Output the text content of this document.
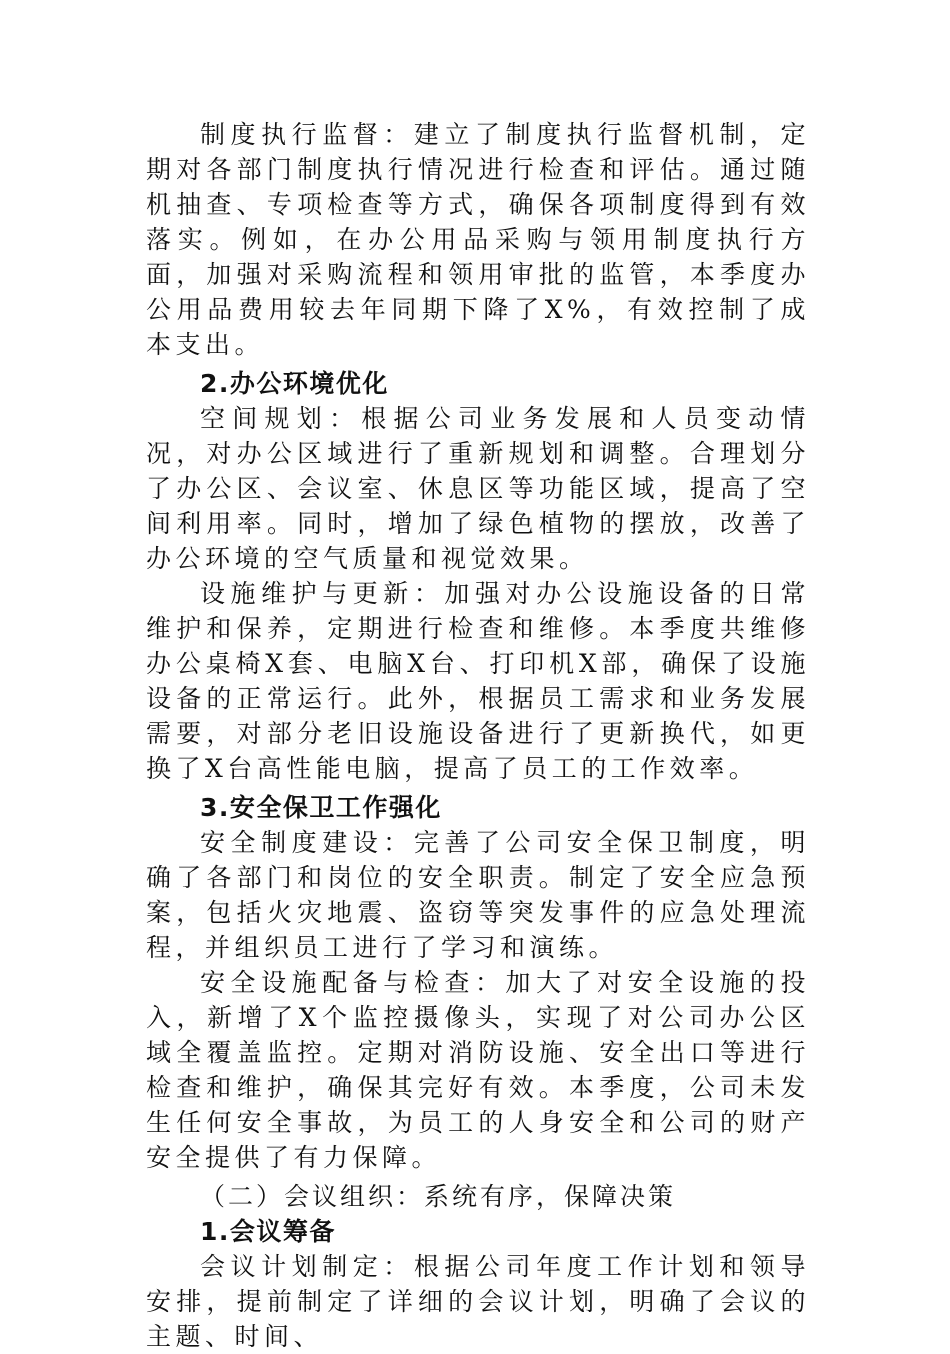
制度执行监督：建立了制度执行监督机制，定期对各部门制度执行情况进行检查和评估。通过随机抽查、专项检查等方式，确保各项制度得到有效落实。例如，在办公用品采购与领用制度执行方面，加强对采购流程和领用审批的监管，本季度办公用品费用较去年同期下降了X%，有效控制了成本支出。

2.办公环境优化

空间规划：根据公司业务发展和人员变动情况，对办公区域进行了重新规划和调整。合理划分了办公区、会议室、休息区等功能区域，提高了空间利用率。同时，增加了绿色植物的摆放，改善了办公环境的空气质量和视觉效果。

设施维护与更新：加强对办公设施设备的日常维护和保养，定期进行检查和维修。本季度共维修办公桌椅X套、电脑X台、打印机X部，确保了设施设备的正常运行。此外，根据员工需求和业务发展需要，对部分老旧设施设备进行了更新换代，如更换了X台高性能电脑，提高了员工的工作效率。

3.安全保卫工作强化

安全制度建设：完善了公司安全保卫制度，明确了各部门和岗位的安全职责。制定了安全应急预案，包括火灾地震、盗窃等突发事件的应急处理流程，并组织员工进行了学习和演练。

安全设施配备与检查：加大了对安全设施的投入，新增了X个监控摄像头，实现了对公司办公区域全覆盖监控。定期对消防设施、安全出口等进行检查和维护，确保其完好有效。本季度，公司未发生任何安全事故，为员工的人身安全和公司的财产安全提供了有力保障。

（二）会议组织：系统有序，保障决策

1.会议筹备

会议计划制定：根据公司年度工作计划和领导安排，提前制定了详细的会议计划，明确了会议的主题、时间、
